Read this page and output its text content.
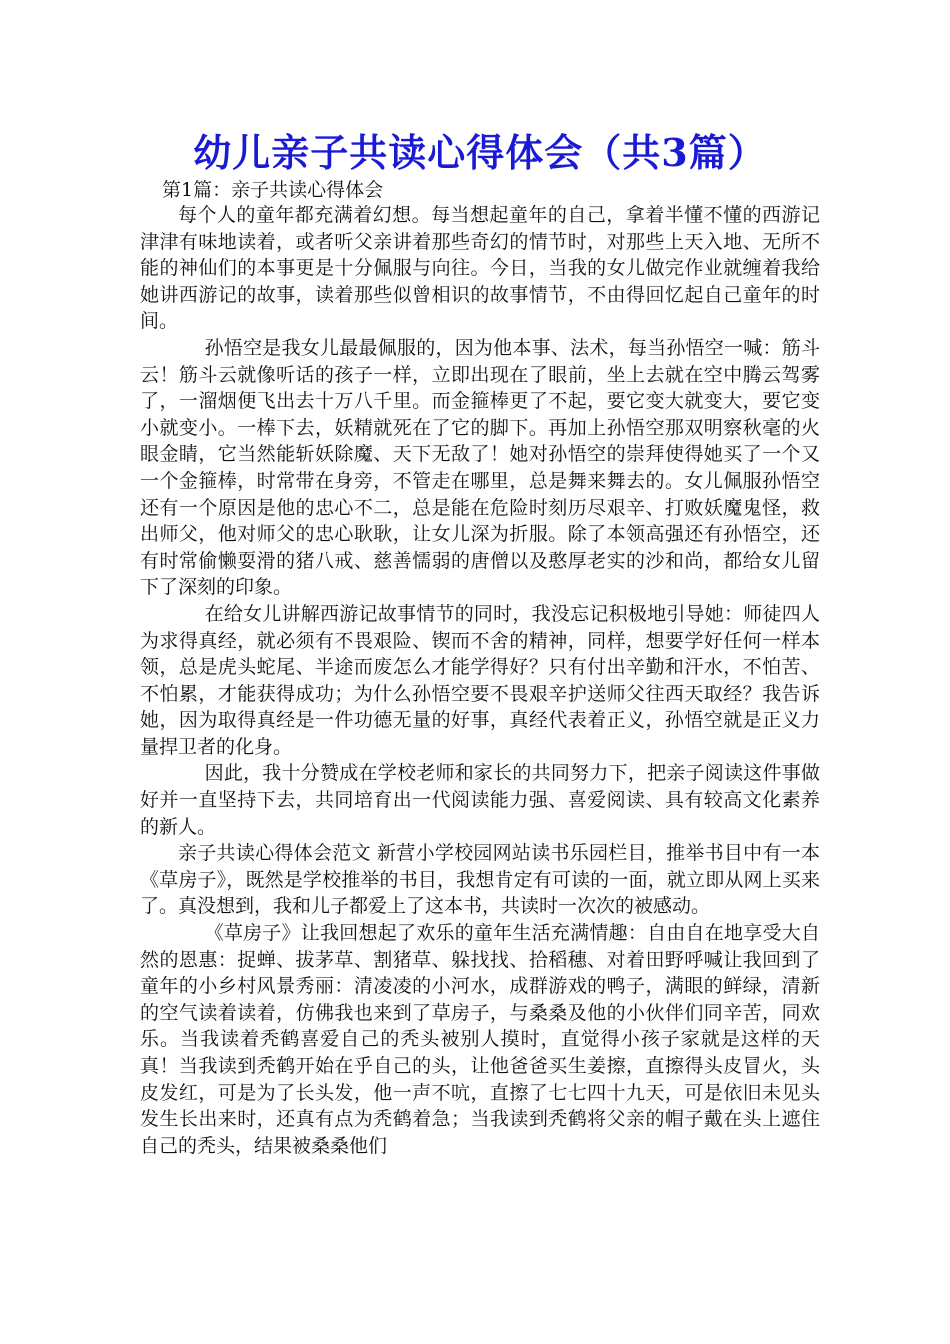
幼儿亲子共读心得体会（共3篇）

第1篇：亲子共读心得体会

每个人的童年都充满着幻想。每当想起童年的自己，拿着半懂不懂的西游记津津有味地读着，或者听父亲讲着那些奇幻的情节时，对那些上天入地、无所不能的神仙们的本事更是十分佩服与向往。今日，当我的女儿做完作业就缠着我给她讲西游记的故事，读着那些似曾相识的故事情节，不由得回忆起自己童年的时间。

孙悟空是我女儿最最佩服的，因为他本事、法术，每当孙悟空一喊：筋斗云！筋斗云就像听话的孩子一样，立即出现在了眼前，坐上去就在空中腾云驾雾了，一溜烟便飞出去十万八千里。而金箍棒更了不起，要它变大就变大，要它变小就变小。一棒下去，妖精就死在了它的脚下。再加上孙悟空那双明察秋毫的火眼金睛，它当然能斩妖除魔、天下无敌了！她对孙悟空的崇拜使得她买了一个又一个金箍棒，时常带在身旁，不管走在哪里，总是舞来舞去的。女儿佩服孙悟空还有一个原因是他的忠心不二，总是能在危险时刻历尽艰辛、打败妖魔鬼怪，救出师父，他对师父的忠心耿耿，让女儿深为折服。除了本领高强还有孙悟空，还有时常偷懒耍滑的猪八戒、慈善懦弱的唐僧以及憨厚老实的沙和尚，都给女儿留下了深刻的印象。

在给女儿讲解西游记故事情节的同时，我没忘记积极地引导她：师徒四人为求得真经，就必须有不畏艰险、锲而不舍的精神，同样，想要学好任何一样本领，总是虎头蛇尾、半途而废怎么才能学得好？只有付出辛勤和汗水，不怕苦、不怕累，才能获得成功；为什么孙悟空要不畏艰辛护送师父往西天取经？我告诉她，因为取得真经是一件功德无量的好事，真经代表着正义，孙悟空就是正义力量捍卫者的化身。

因此，我十分赞成在学校老师和家长的共同努力下，把亲子阅读这件事做好并一直坚持下去，共同培育出一代阅读能力强、喜爱阅读、具有较高文化素养的新人。

亲子共读心得体会范文 新营小学校园网站读书乐园栏目，推举书目中有一本《草房子》，既然是学校推举的书目，我想肯定有可读的一面，就立即从网上买来了。真没想到，我和儿子都爱上了这本书，共读时一次次的被感动。

《草房子》让我回想起了欢乐的童年生活充满情趣：自由自在地享受大自然的恩惠：捉蝉、拔茅草、割猪草、躲找找、拾稻穗、对着田野呼喊让我回到了童年的小乡村风景秀丽：清凌凌的小河水，成群游戏的鸭子，满眼的鲜绿，清新的空气读着读着，仿佛我也来到了草房子，与桑桑及他的小伙伴们同辛苦，同欢乐。当我读着秃鹤喜爱自己的秃头被别人摸时，直觉得小孩子家就是这样的天真！当我读到秃鹤开始在乎自己的头，让他爸爸买生姜擦，直擦得头皮冒火，头皮发红，可是为了长头发，他一声不吭，直擦了七七四十九天，可是依旧未见头发生长出来时，还真有点为秃鹤着急；当我读到秃鹤将父亲的帽子戴在头上遮住自己的秃头，结果被桑桑他们
